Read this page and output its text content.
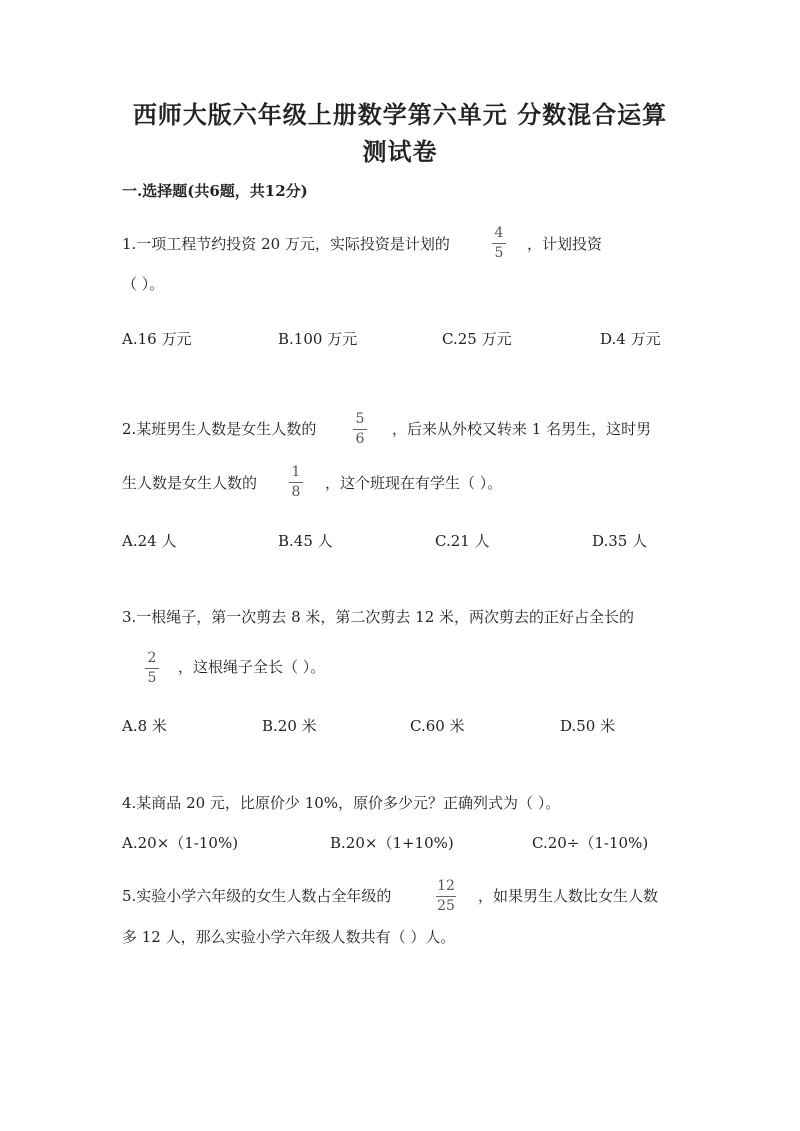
西师大版六年级上册数学第六单元 分数混合运算
测试卷
一.选择题(共6题，共12分)
1.一项工程节约投资 20 万元，实际投资是计划的
4
5 ，计划投资
（ ）。
A.16 万元	B.100 万元	C.25 万元	D.4 万元
2.某班男生人数是女生人数的
5
6
，后来从外校又转来 1 名男生，这时男
生人数是女生人数的
1
8 ，这个班现在有学生（ ）。
A.24 人	B.45 人	C.21 人	D.35 人
3.一根绳子，第一次剪去 8 米，第二次剪去 12 米，两次剪去的正好占全长的
2
5
，这根绳子全长（ ）。
A.8 米	B.20 米	C.60 米	D.50 米
4.某商品 20 元，比原价少 10%，原价多少元？正确列式为（ ）。
A.20×（1-10%)	B.20×（1+10%)	C.20÷（1-10%)
5.实验小学六年级的女生人数占全年级的
12
25
，如果男生人数比女生人数
多 12 人，那么实验小学六年级人数共有（ ）人。
